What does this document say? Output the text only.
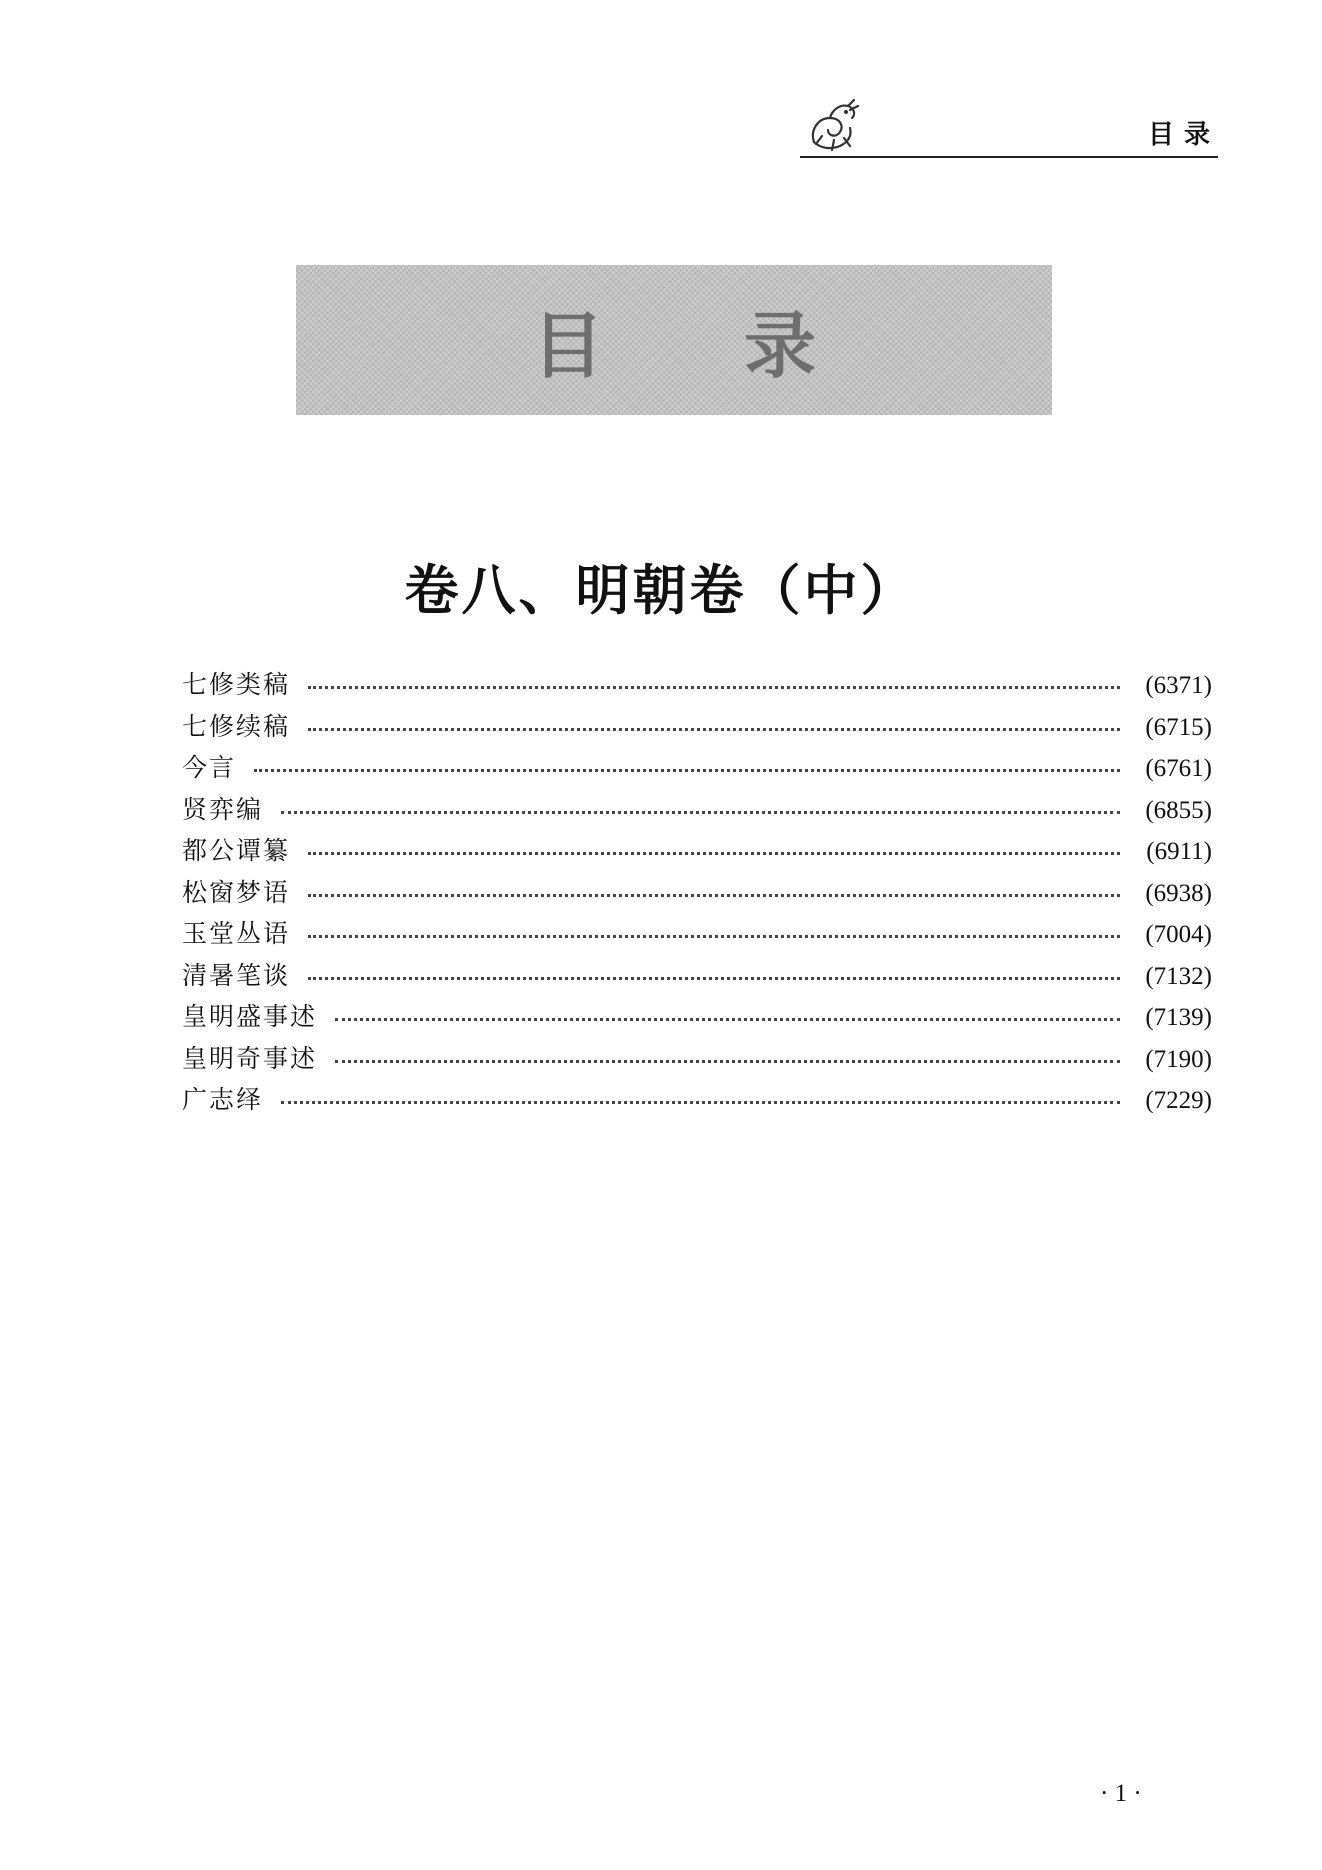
目录
目录
卷八、明朝卷（中）
七修类稿	(6371)
七修续稿	(6715)
今言	(6761)
贤弈编	(6855)
都公谭纂	(6911)
松窗梦语	(6938)
玉堂丛语	(7004)
清暑笔谈	(7132)
皇明盛事述	(7139)
皇明奇事述	(7190)
广志绎	(7229)
· 1 ·
